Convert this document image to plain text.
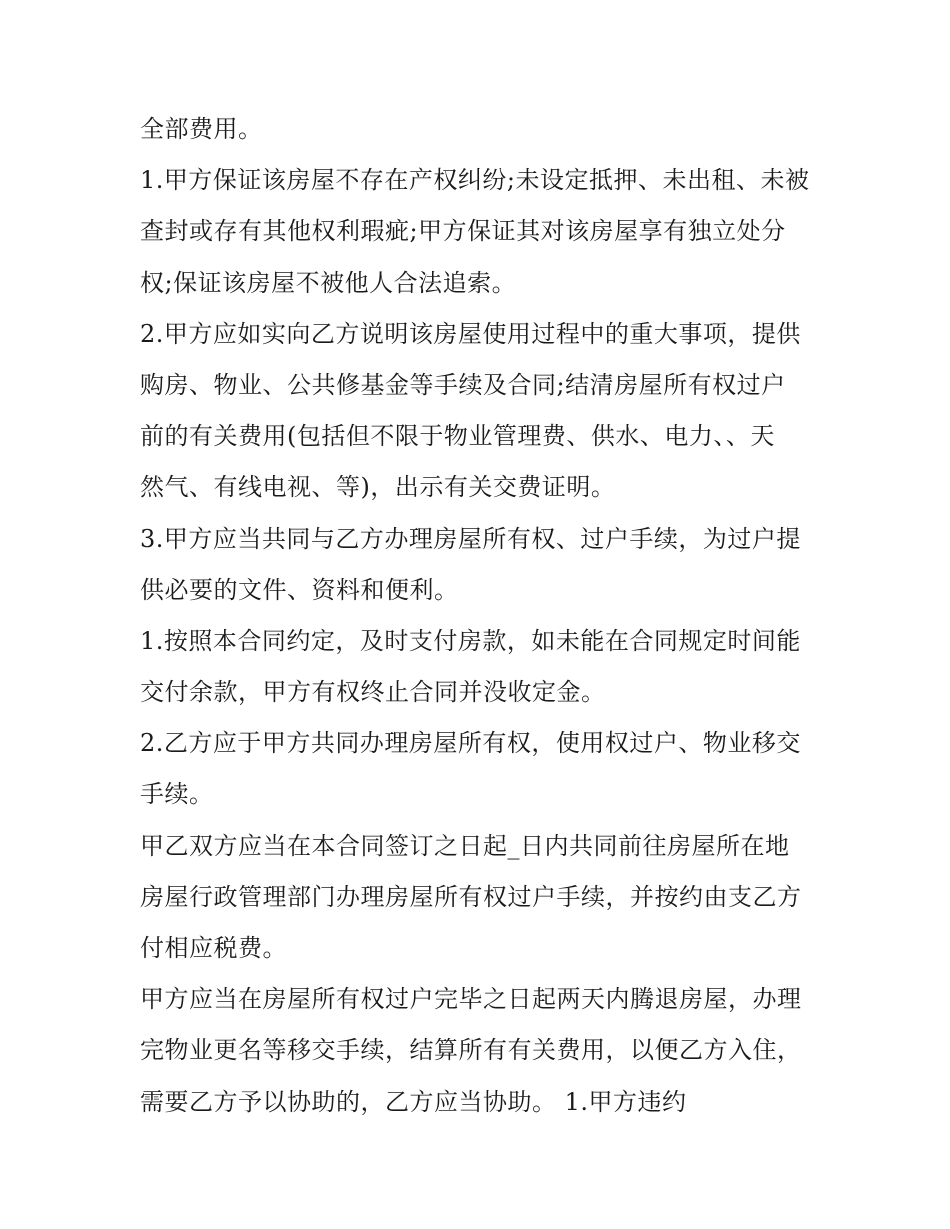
全部费用。
1.甲方保证该房屋不存在产权纠纷;未设定抵押、未出租、未被
查封或存有其他权利瑕疵;甲方保证其对该房屋享有独立处分
权;保证该房屋不被他人合法追索。
2.甲方应如实向乙方说明该房屋使用过程中的重大事项，提供
购房、物业、公共修基金等手续及合同;结清房屋所有权过户
前的有关费用(包括但不限于物业管理费、供水、电力、、天
然气、有线电视、等)，出示有关交费证明。
3.甲方应当共同与乙方办理房屋所有权、过户手续，为过户提
供必要的文件、资料和便利。
1.按照本合同约定，及时支付房款，如未能在合同规定时间能
交付余款，甲方有权终止合同并没收定金。
2.乙方应于甲方共同办理房屋所有权，使用权过户、物业移交
手续。
甲乙双方应当在本合同签订之日起_日内共同前往房屋所在地
房屋行政管理部门办理房屋所有权过户手续，并按约由支乙方
付相应税费。
甲方应当在房屋所有权过户完毕之日起两天内腾退房屋，办理
完物业更名等移交手续，结算所有有关费用，以便乙方入住，
需要乙方予以协助的，乙方应当协助。 1.甲方违约
